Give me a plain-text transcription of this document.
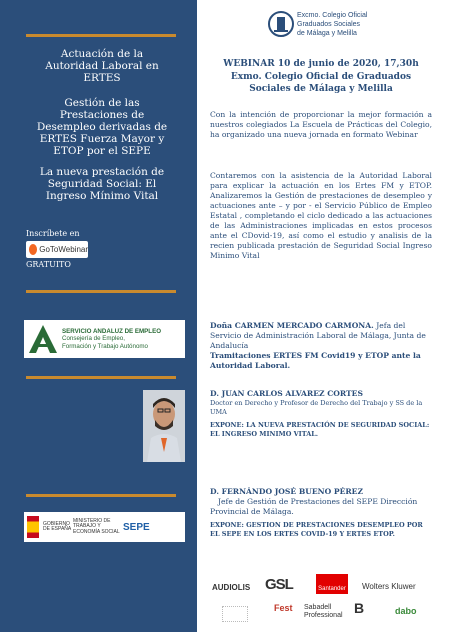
Actuación de la
Autoridad Laboral en
ERTES
Gestión de las
Prestaciones de
Desempleo derivadas de
ERTES Fuerza Mayor y
ETOP por el SEPE
La nueva prestación de
Seguridad Social: El
Ingreso Mínimo Vital
Inscríbete en
GoToWebinar
GRATUITO
SERVICIO ANDALUZ DE EMPLEO
Consejería de Empleo,
Formación y Trabajo Autónomo
GOBIERNO DE ESPAÑA
MINISTERIO DE TRABAJO Y ECONOMÍA SOCIAL SEPE
Excmo. Colegio Oficial
Graduados Sociales
de Málaga y Melilla
WEBINAR 10 de junio de 2020, 17,30h
Exmo. Colegio Oficial de Graduados
Sociales de Málaga y Melilla
Con la intención de proporcionar la mejor formación a nuestros colegiados La Escuela de Prácticas del Colegio, ha organizado una nueva jornada en formato Webinar
Contaremos con la asistencia de la Autoridad Laboral para explicar la actuación en los Ertes FM y ETOP. Analizaremos la Gestión de prestaciones de desempleo y actuaciones ante – y por - el Servicio Público de Empleo Estatal , completando el ciclo dedicado a las actuaciones de las Administraciones implicadas en estos procesos ante el CDovid-19, así como el estudio y analisis de la recien publicada prestación de Seguridad Social Ingreso Minimo Vital
Doña CARMEN MERCADO CARMONA. Jefa del Servicio de Administración Laboral de Málaga, Junta de Andalucía
Tramitaciones ERTES FM Covid19 y ETOP ante la Autoridad Laboral.
D. JUAN CARLOS ALVAREZ CORTES
Doctor en Derecho y Profesor de Derecho del Trabajo y SS de la UMA
EXPONE: LA NUEVA PRESTACIÓN DE SEGURIDAD SOCIAL: EL INGRESO MINIMO VITAL.
D. FERNÁNDO JOSÉ BUENO PÉREZ
Jefe de Gestión de Prestaciones del SEPE Dirección Provincial de Málaga.
EXPONE: GESTION DE PRESTACIONES DESEMPLEO POR EL SEPE EN LOS ERTES COVID-19 Y ERTES ETOP.
AUDIOLIS GSL	Santander Wolters Kluwer
Fest Sabadell Professional B	dabo
